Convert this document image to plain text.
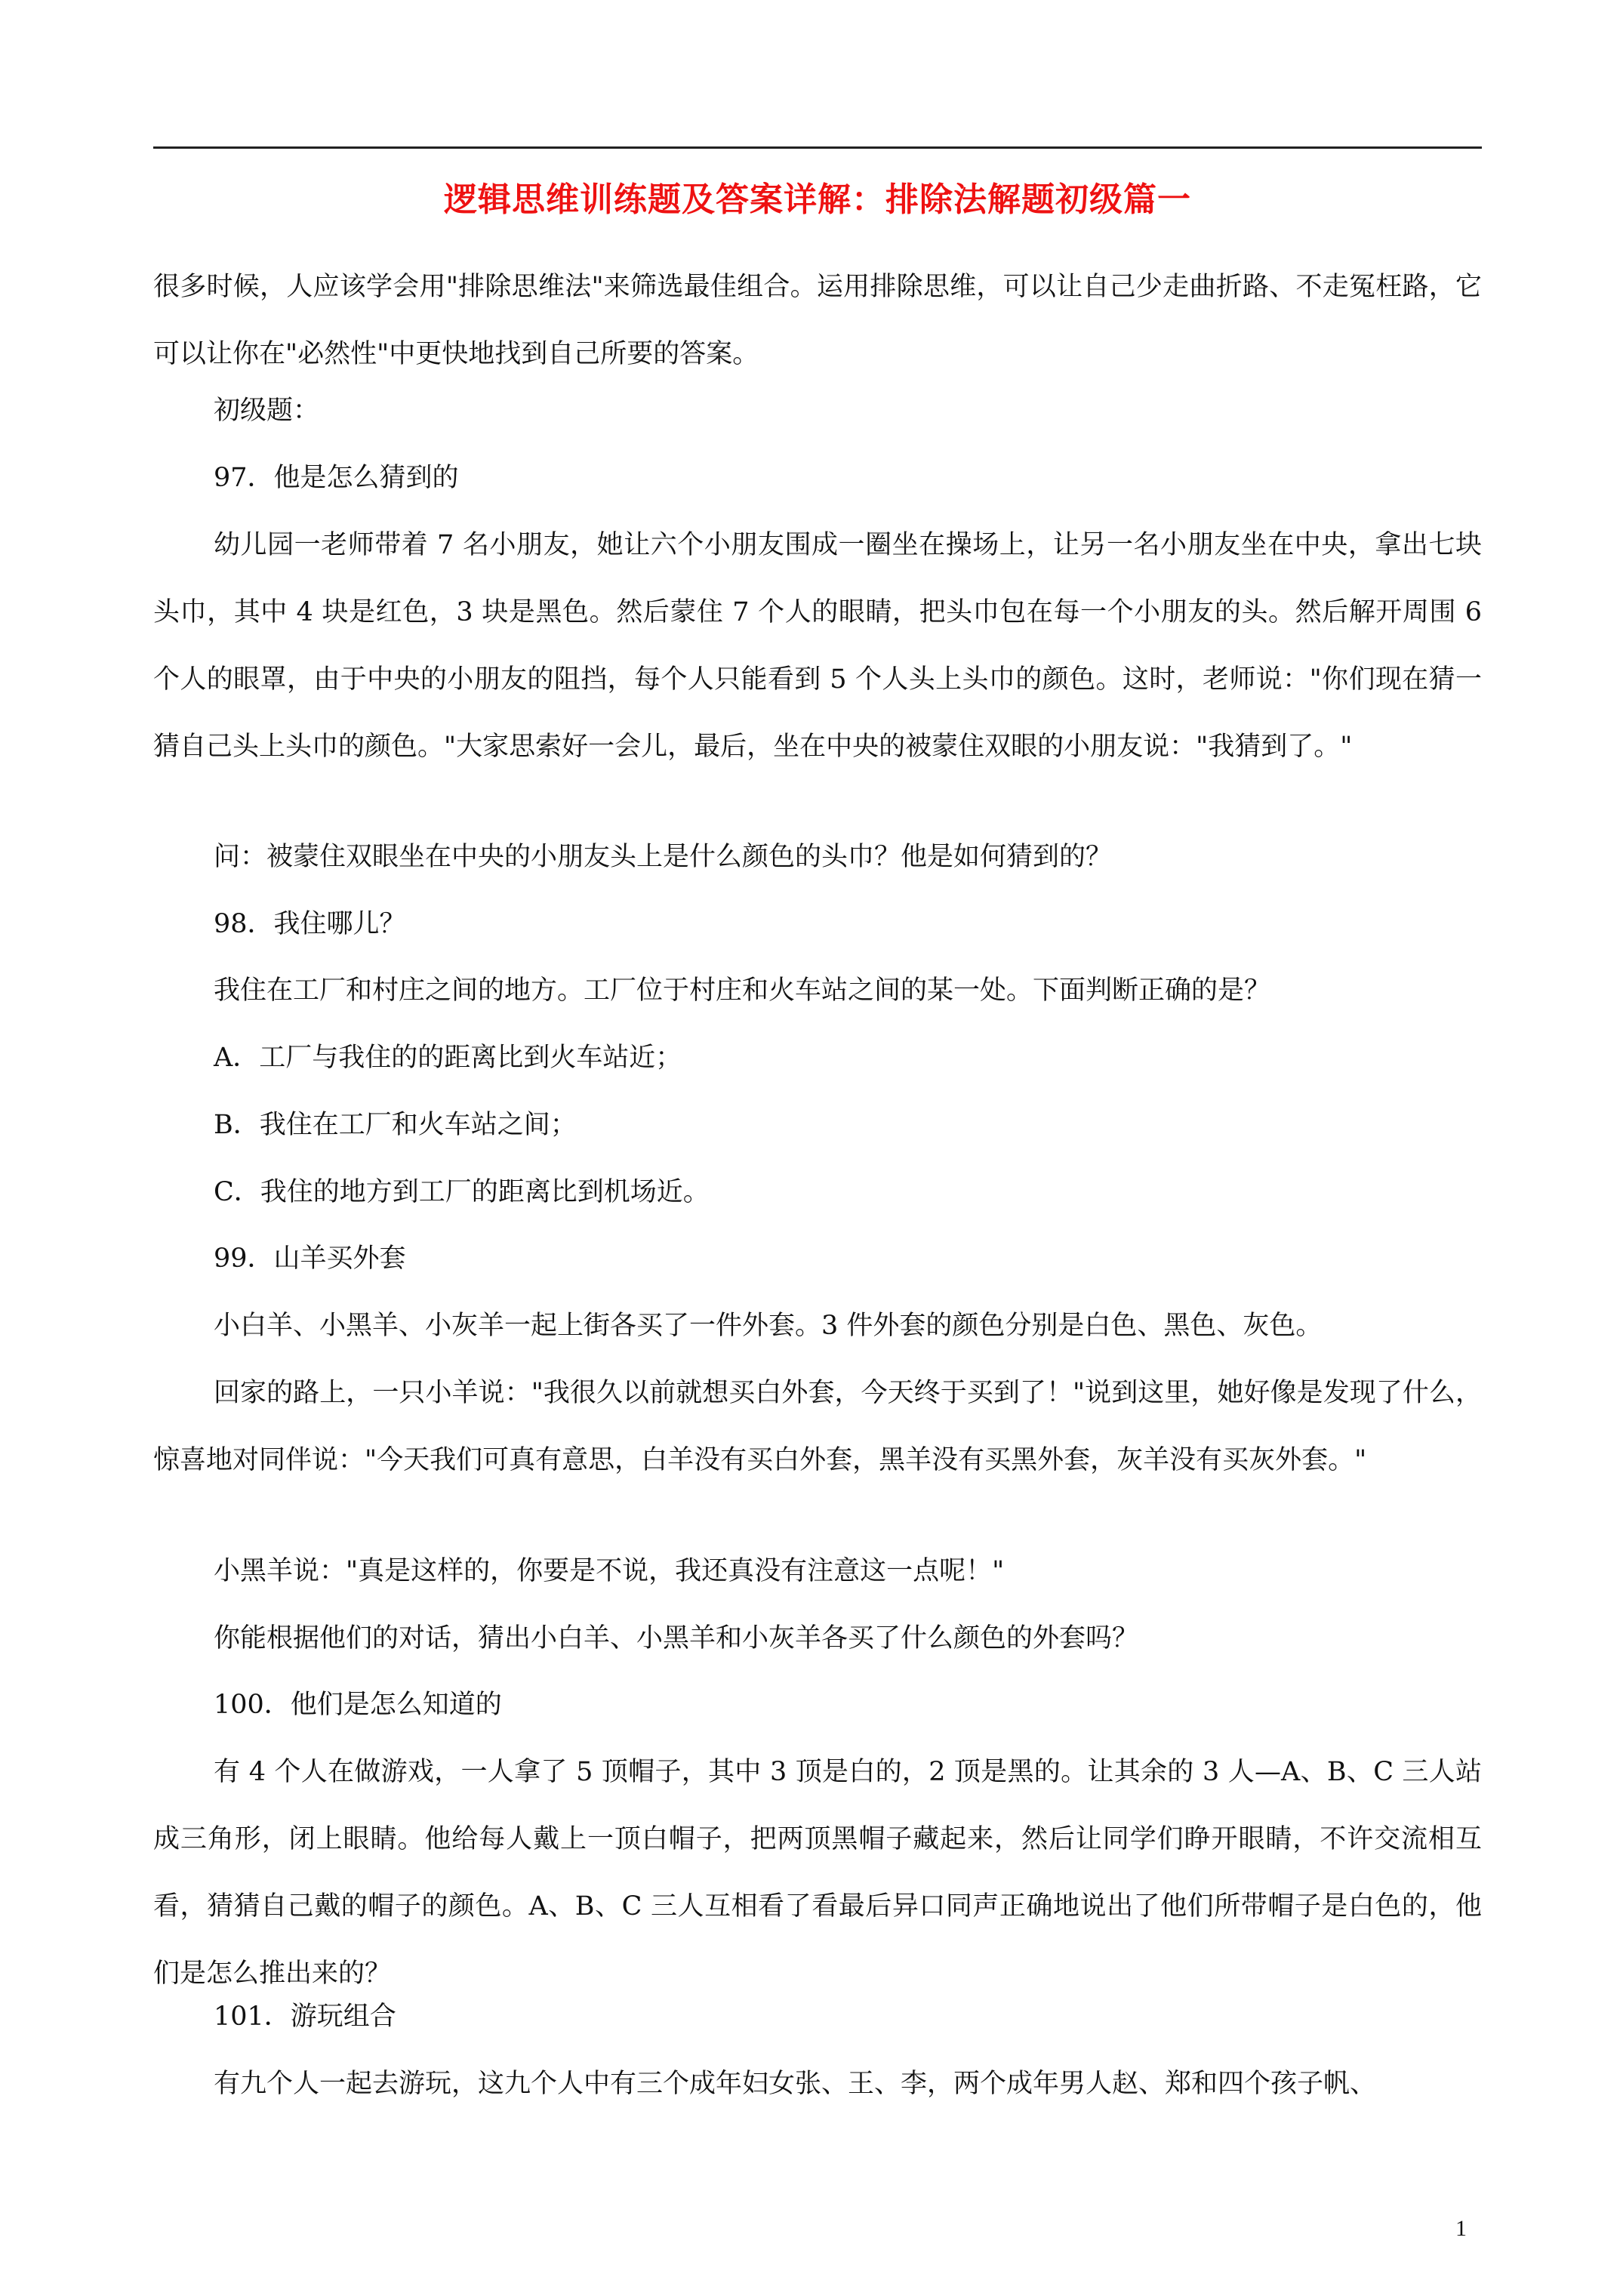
逻辑思维训练题及答案详解：排除法解题初级篇一

很多时候，人应该学会用"排除思维法"来筛选最佳组合。运用排除思维，可以让自己少走曲折路、不走冤枉路，它可以让你在"必然性"中更快地找到自己所要的答案。

初级题：

97．他是怎么猜到的

幼儿园一老师带着 7 名小朋友，她让六个小朋友围成一圈坐在操场上，让另一名小朋友坐在中央，拿出七块头巾，其中 4 块是红色，3 块是黑色。然后蒙住 7 个人的眼睛，把头巾包在每一个小朋友的头。然后解开周围 6 个人的眼罩，由于中央的小朋友的阻挡，每个人只能看到 5 个人头上头巾的颜色。这时，老师说："你们现在猜一猜自己头上头巾的颜色。"大家思索好一会儿，最后，坐在中央的被蒙住双眼的小朋友说："我猜到了。"

问：被蒙住双眼坐在中央的小朋友头上是什么颜色的头巾？他是如何猜到的？

98．我住哪儿？

我住在工厂和村庄之间的地方。工厂位于村庄和火车站之间的某一处。下面判断正确的是？

A．工厂与我住的的距离比到火车站近；

B．我住在工厂和火车站之间；

C．我住的地方到工厂的距离比到机场近。

99．山羊买外套

小白羊、小黑羊、小灰羊一起上街各买了一件外套。3 件外套的颜色分别是白色、黑色、灰色。

回家的路上，一只小羊说："我很久以前就想买白外套，今天终于买到了！"说到这里，她好像是发现了什么，惊喜地对同伴说："今天我们可真有意思，白羊没有买白外套，黑羊没有买黑外套，灰羊没有买灰外套。"

小黑羊说："真是这样的，你要是不说，我还真没有注意这一点呢！"

你能根据他们的对话，猜出小白羊、小黑羊和小灰羊各买了什么颜色的外套吗？

100．他们是怎么知道的

有 4 个人在做游戏，一人拿了 5 顶帽子，其中 3 顶是白的，2 顶是黑的。让其余的 3 人—A、B、C 三人站成三角形，闭上眼睛。他给每人戴上一顶白帽子，把两顶黑帽子藏起来，然后让同学们睁开眼睛，不许交流相互看，猜猜自己戴的帽子的颜色。A、B、C 三人互相看了看最后异口同声正确地说出了他们所带帽子是白色的，他们是怎么推出来的？

101．游玩组合

有九个人一起去游玩，这九个人中有三个成年妇女张、王、李，两个成年男人赵、郑和四个孩子帆、

1
